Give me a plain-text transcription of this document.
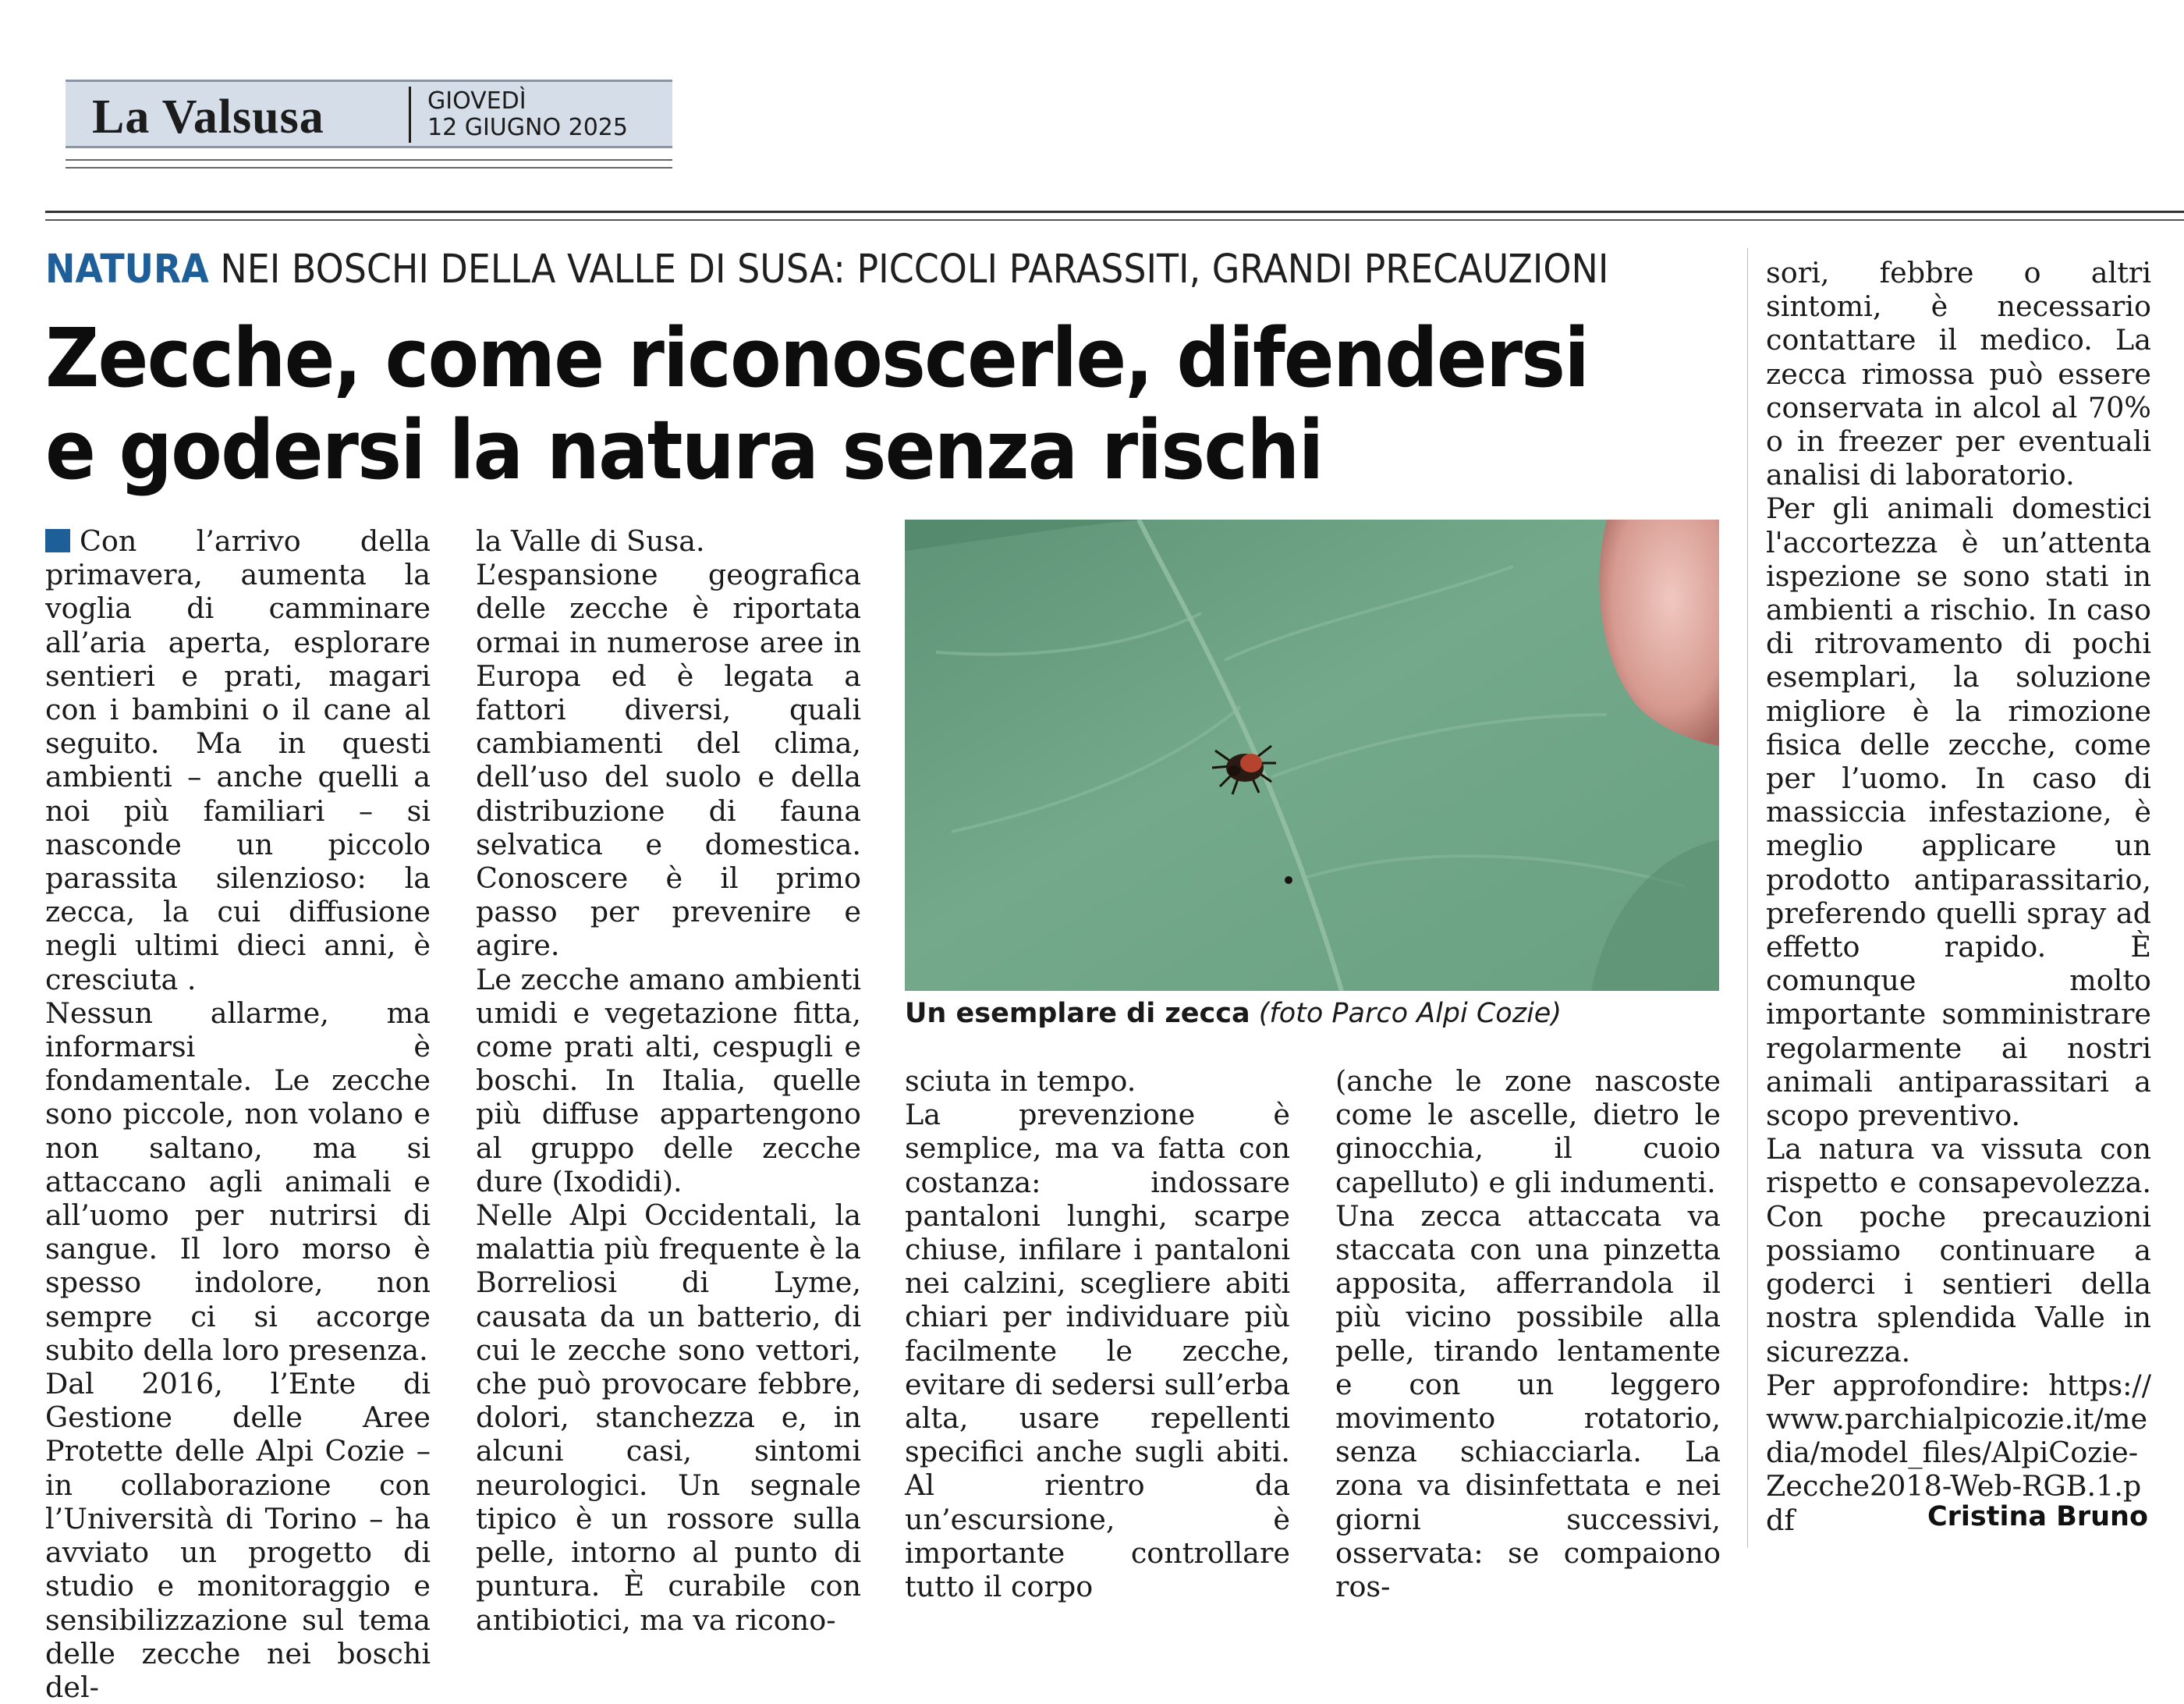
La Valsusa	GIOVEDÌ
12 GIUGNO 2025
NATURA NEI BOSCHI DELLA VALLE DI SUSA: PICCOLI PARASSITI, GRANDI PRECAUZIONI
Zecche, come riconoscerle, difendersi
e godersi la natura senza rischi

Con l’arrivo della primavera, aumenta la voglia di camminare all’aria aperta, esplorare sentieri e prati, magari con i bambini o il cane al seguito. Ma in questi ambienti – anche quelli a noi più familiari – si nasconde un piccolo parassita silenzioso: la zecca, la cui diffusione negli ultimi dieci anni, è cresciuta .

Nessun allarme, ma informarsi è fondamentale. Le zecche sono piccole, non volano e non saltano, ma si attaccano agli animali e all’uomo per nutrirsi di sangue. Il loro morso è spesso indolore, non sempre ci si accorge subito della loro presenza.

Dal 2016, l’Ente di Gestione delle Aree Protette delle Alpi Cozie – in collaborazione con l’Università di Torino – ha avviato un progetto di studio e monitoraggio e sensibilizzazione sul tema delle zecche nei boschi del-

la Valle di Susa.

L’espansione geografica delle zecche è riportata ormai in numerose aree in Europa ed è legata a fattori diversi, quali cambiamenti del clima, dell’uso del suolo e della distribuzione di fauna selvatica e domestica. Conoscere è il primo passo per prevenire e agire.

Le zecche amano ambienti umidi e vegetazione fitta, come prati alti, cespugli e boschi. In Italia, quelle più diffuse appartengono al gruppo delle zecche dure (Ixodidi).

Nelle Alpi Occidentali, la malattia più frequente è la Borreliosi di Lyme, causata da un batterio, di cui le zecche sono vettori, che può provocare febbre, dolori, stanchezza e, in alcuni casi, sintomi neurologici. Un segnale tipico è un rossore sulla pelle, intorno al punto di puntura. È curabile con antibiotici, ma va ricono-

Un esemplare di zecca (foto Parco Alpi Cozie)

sciuta in tempo.

La prevenzione è semplice, ma va fatta con costanza: indossare pantaloni lunghi, scarpe chiuse, infilare i pantaloni nei calzini, scegliere abiti chiari per individuare più facilmente le zecche, evitare di sedersi sull’erba alta, usare repellenti specifici anche sugli abiti. Al rientro da un’escursione, è importante controllare tutto il corpo

(anche le zone nascoste come le ascelle, dietro le ginocchia, il cuoio capelluto) e gli indumenti.

Una zecca attaccata va staccata con una pinzetta apposita, afferrandola il più vicino possibile alla pelle, tirando lentamente e con un leggero movimento rotatorio, senza schiacciarla. La zona va disinfettata e nei giorni successivi, osservata: se compaiono ros-

sori, febbre o altri sintomi, è necessario contattare il medico. La zecca rimossa può essere conservata in alcol al 70% o in freezer per eventuali analisi di laboratorio.

Per gli animali domestici l'accortezza è un’attenta ispezione se sono stati in ambienti a rischio. In caso di ritrovamento di pochi esemplari, la soluzione migliore è la rimozione fisica delle zecche, come per l’uomo. In caso di massiccia infestazione, è meglio applicare un prodotto antiparassitario, preferendo quelli spray ad effetto rapido. È comunque molto importante somministrare regolarmente ai nostri animali antiparassitari a scopo preventivo.

La natura va vissuta con rispetto e consapevolezza. Con poche precauzioni possiamo continuare a goderci i sentieri della nostra splendida Valle in sicurezza.

Per approfondire: https://www.parchialpicozie.it/media/model_files/AlpiCozie-Zecche2018-Web-RGB.1.pdf	Cristina Bruno
